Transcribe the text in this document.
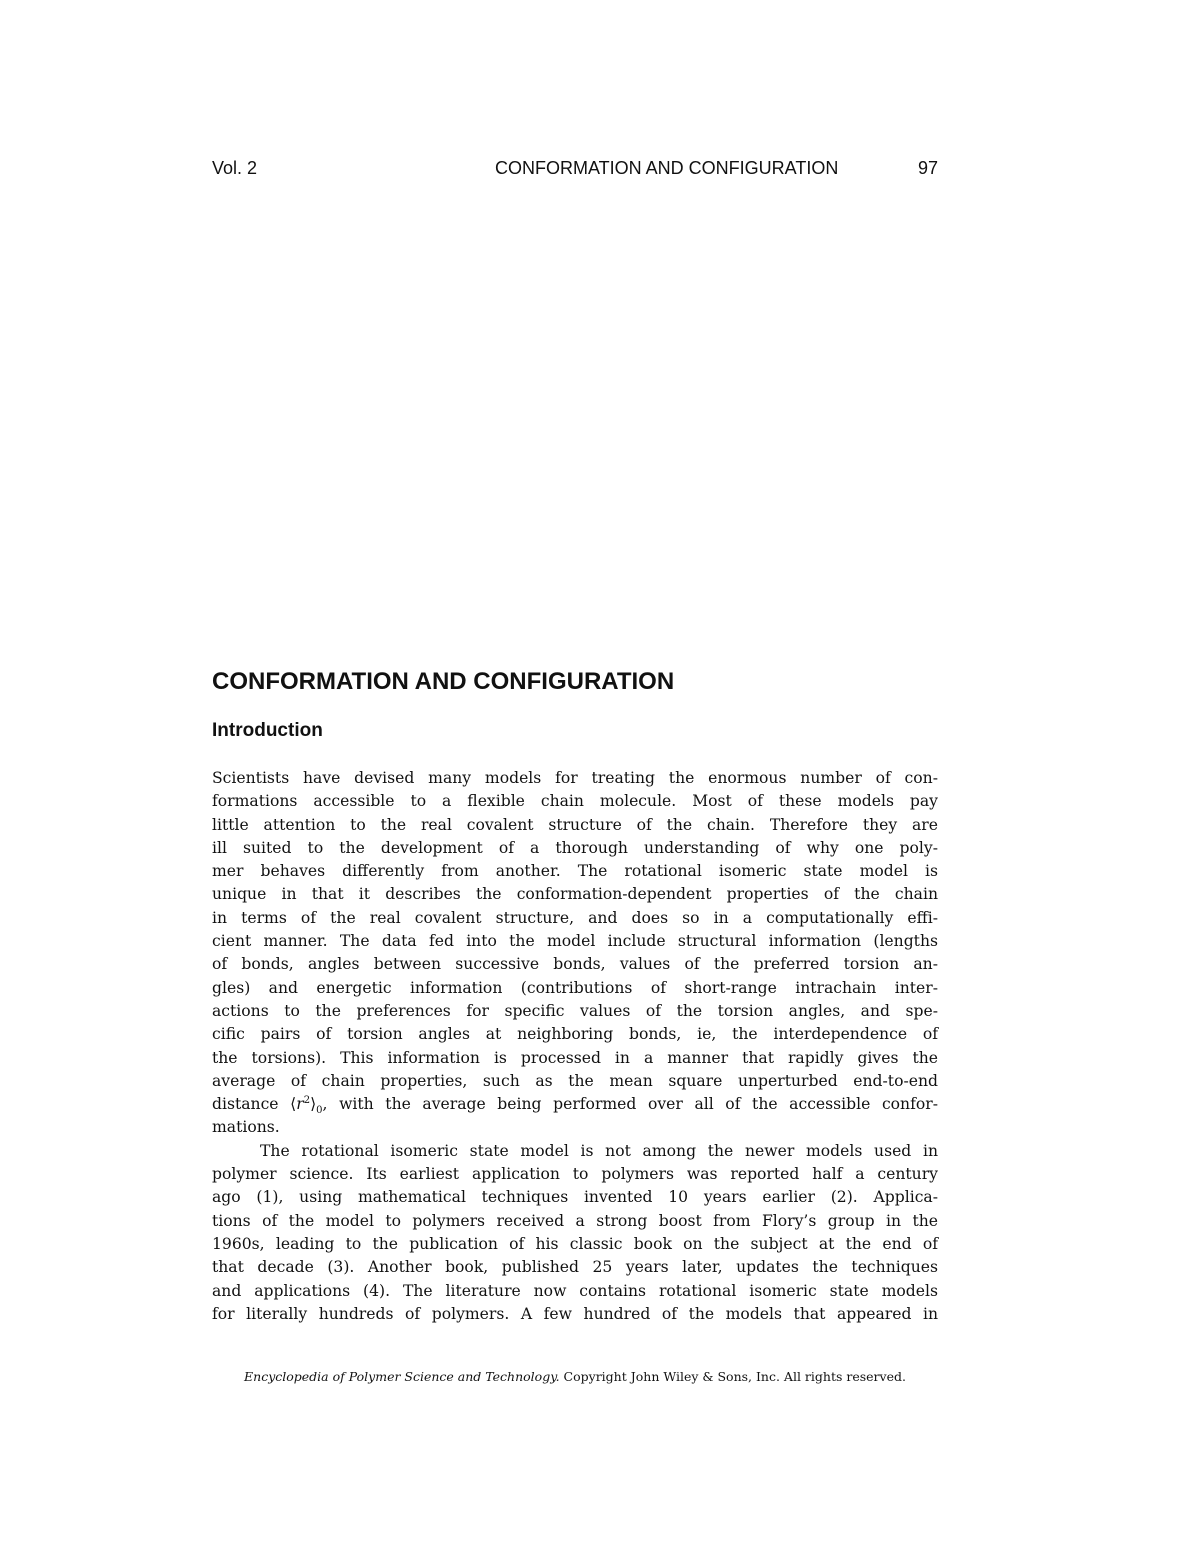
Vol. 2	CONFORMATION AND CONFIGURATION	97
CONFORMATION AND CONFIGURATION
Introduction
Scientists have devised many models for treating the enormous number of con-
formations accessible to a flexible chain molecule. Most of these models pay
little attention to the real covalent structure of the chain. Therefore they are
ill suited to the development of a thorough understanding of why one poly-
mer behaves differently from another. The rotational isomeric state model is
unique in that it describes the conformation-dependent properties of the chain
in terms of the real covalent structure, and does so in a computationally effi-
cient manner. The data fed into the model include structural information (lengths
of bonds, angles between successive bonds, values of the preferred torsion an-
gles) and energetic information (contributions of short-range intrachain inter-
actions to the preferences for specific values of the torsion angles, and spe-
cific pairs of torsion angles at neighboring bonds, ie, the interdependence of
the torsions). This information is processed in a manner that rapidly gives the
average of chain properties, such as the mean square unperturbed end-to-end
distance $⟨r^2⟩_0$, with the average being performed over all of the accessible confor-
mations.
The rotational isomeric state model is not among the newer models used in
polymer science. Its earliest application to polymers was reported half a century
ago (1), using mathematical techniques invented 10 years earlier (2). Applica-
tions of the model to polymers received a strong boost from Flory’s group in the
1960s, leading to the publication of his classic book on the subject at the end of
that decade (3). Another book, published 25 years later, updates the techniques
and applications (4). The literature now contains rotational isomeric state models
for literally hundreds of polymers. A few hundred of the models that appeared in
Encyclopedia of Polymer Science and Technology. Copyright John Wiley & Sons, Inc. All rights reserved.
